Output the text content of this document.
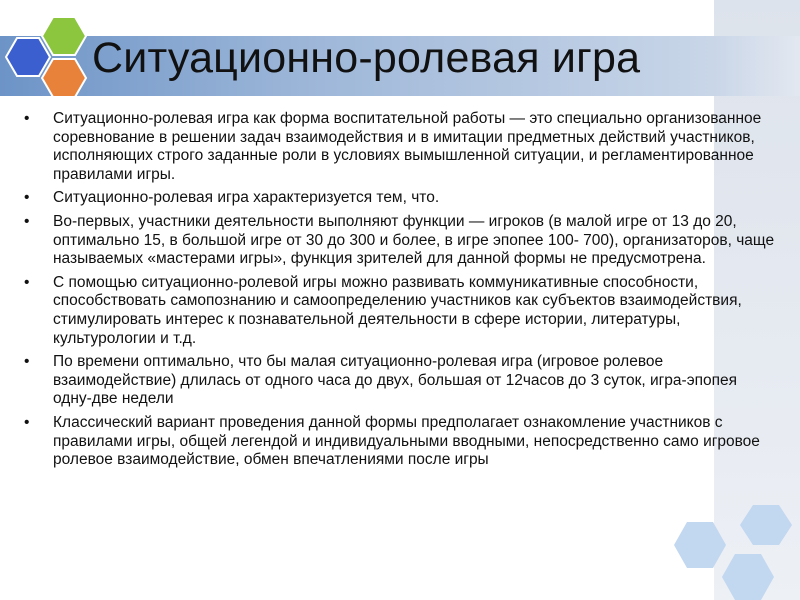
Ситуационно-ролевая игра
• Ситуационно-ролевая игра как форма воспитательной работы — это специально организованное соревнование в решении задач взаимодействия и в имитации предметных действий участников, исполняющих строго заданные роли в условиях вымышленной ситуации, и регламентированное правилами игры.
• Ситуационно-ролевая игра характеризуется тем, что.
• Во-первых, участники деятельности выполняют функции — игроков (в малой игре от 13 до 20, оптимально 15, в большой игре от 30 до 300 и более, в игре эпопее 100- 700), организаторов, чаще называемых «мастерами игры», функция зрителей для данной формы не предусмотрена.
• С помощью ситуационно-ролевой игры можно развивать коммуникативные способности, способствовать самопознанию и самоопределению участников как субъектов взаимодействия, стимулировать интерес к познавательной деятельности в сфере истории, литературы, культурологии и т.д.
• По времени оптимально, что бы малая ситуационно-ролевая игра (игровое ролевое взаимодействие) длилась от одного часа до двух, большая от 12часов до 3 суток, игра-эпопея одну-две недели
• Классический вариант проведения данной формы предполагает ознакомление участников с правилами игры, общей легендой и индивидуальными вводными, непосредственно само игровое ролевое взаимодействие, обмен впечатлениями после игры
